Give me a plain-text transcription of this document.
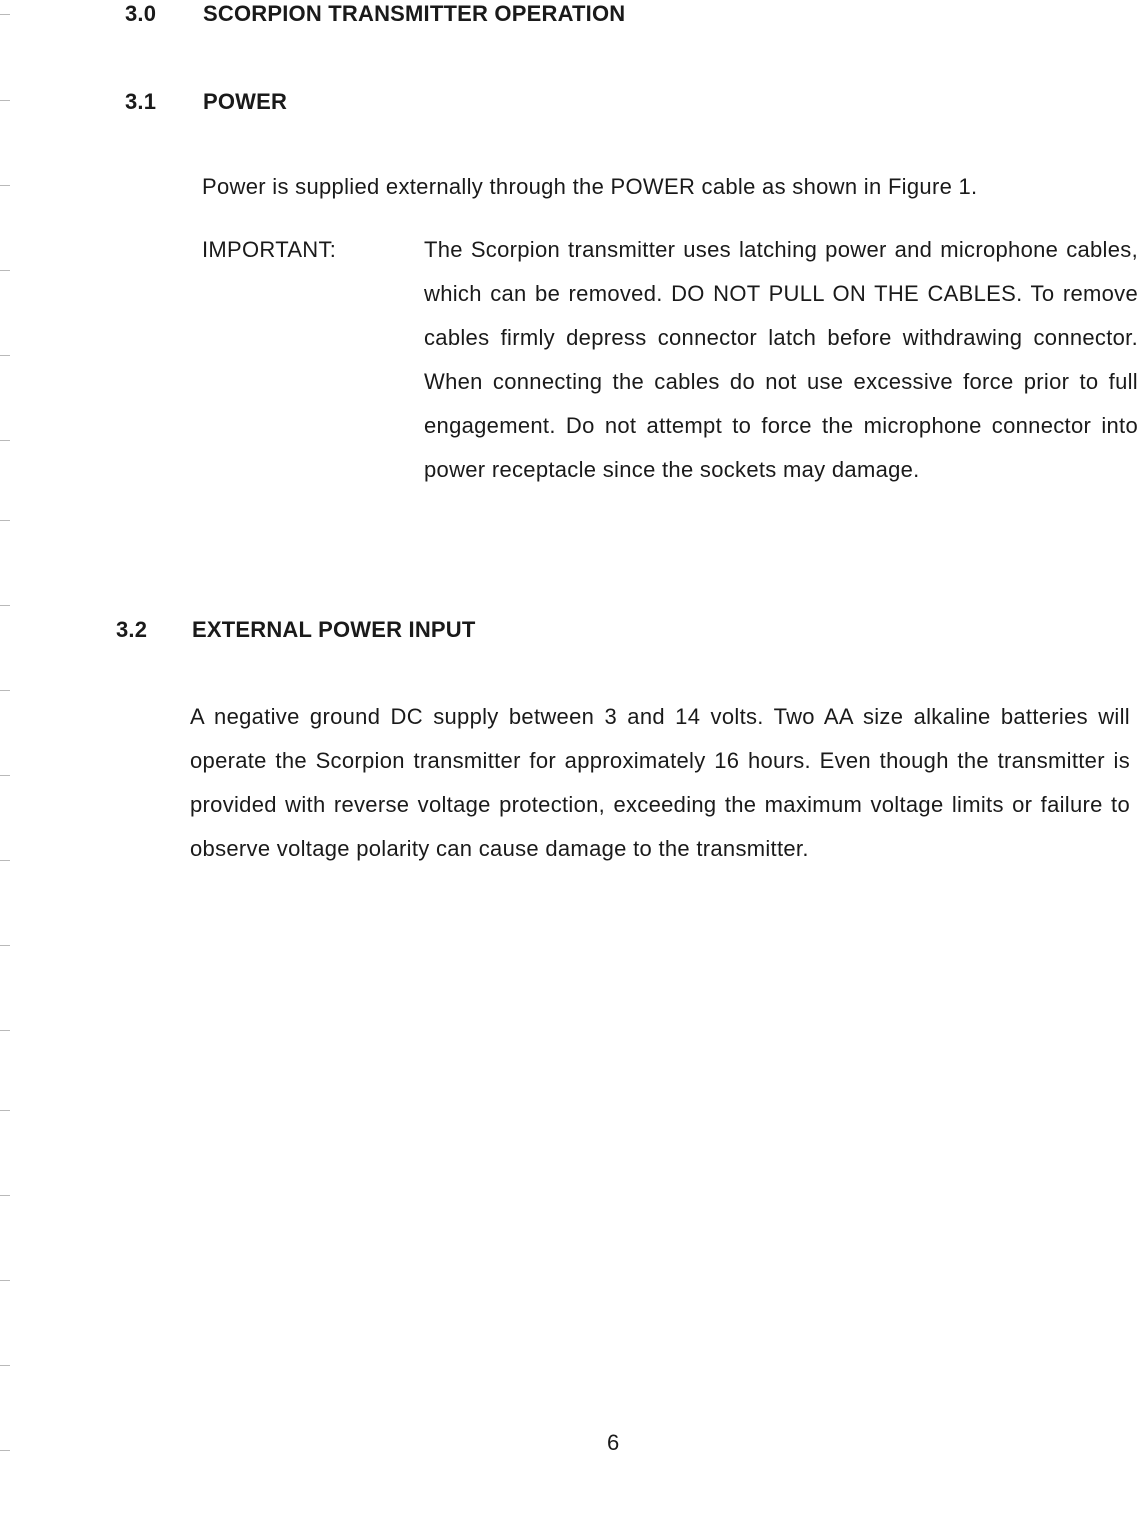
3.0 SCORPION TRANSMITTER OPERATION
3.1 POWER
Power is supplied externally through the POWER cable as shown in Figure 1.
IMPORTANT:	The Scorpion transmitter uses latching power and microphone cables, which can be removed. DO NOT PULL ON THE CABLES. To remove cables firmly depress connector latch before withdrawing connector. When connecting the cables do not use excessive force prior to full engagement. Do not attempt to force the microphone connector into power receptacle since the sockets may damage.
3.2 EXTERNAL POWER INPUT
A negative ground DC supply between 3 and 14 volts. Two AA size alkaline batteries will operate the Scorpion transmitter for approximately 16 hours. Even though the transmitter is provided with reverse voltage protection, exceeding the maximum voltage limits or failure to observe voltage polarity can cause damage to the transmitter.
6
